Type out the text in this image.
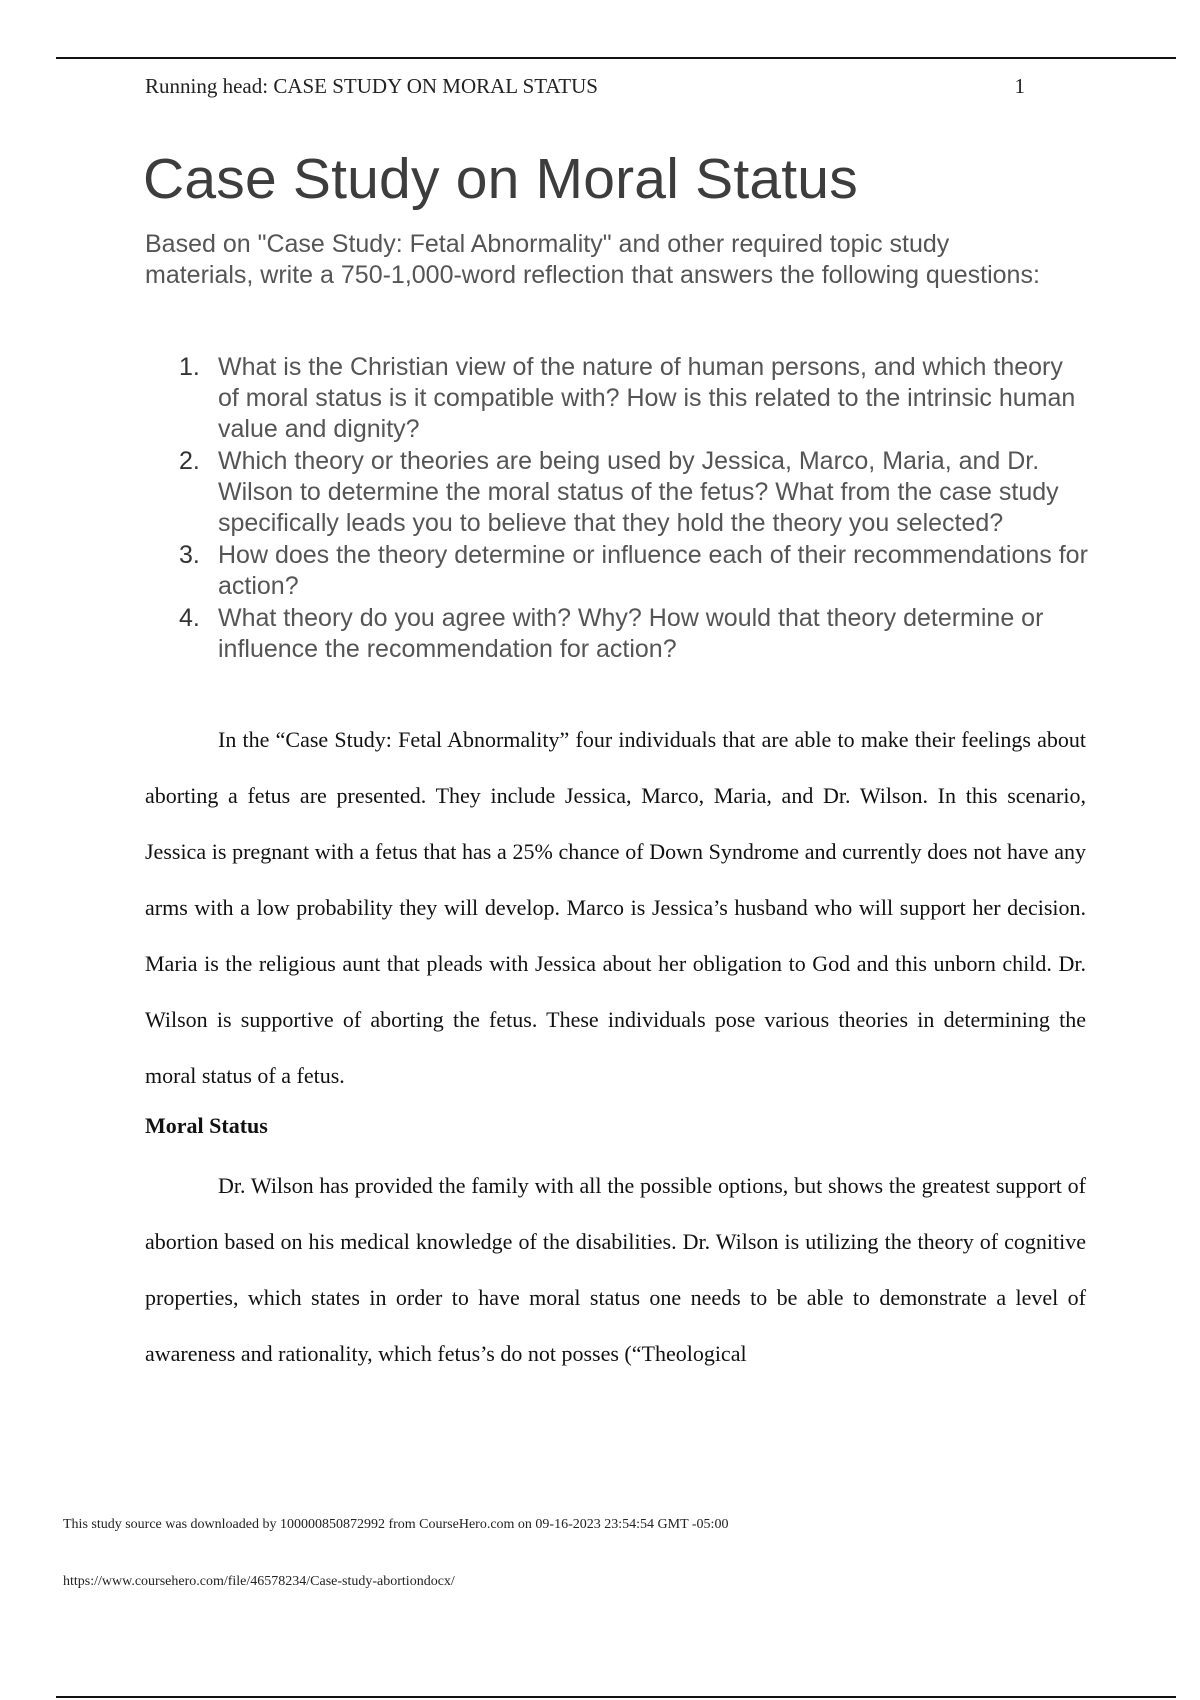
Running head: CASE STUDY ON MORAL STATUS	1
Case Study on Moral Status

Based on "Case Study: Fetal Abnormality" and other required topic study materials, write a 750-1,000-word reflection that answers the following questions:

1. What is the Christian view of the nature of human persons, and which theory of moral status is it compatible with? How is this related to the intrinsic human value and dignity?
2. Which theory or theories are being used by Jessica, Marco, Maria, and Dr. Wilson to determine the moral status of the fetus? What from the case study specifically leads you to believe that they hold the theory you selected?
3. How does the theory determine or influence each of their recommendations for action?
4. What theory do you agree with? Why? How would that theory determine or influence the recommendation for action?

In the “Case Study: Fetal Abnormality” four individuals that are able to make their feelings about aborting a fetus are presented. They include Jessica, Marco, Maria, and Dr. Wilson. In this scenario, Jessica is pregnant with a fetus that has a 25% chance of Down Syndrome and currently does not have any arms with a low probability they will develop. Marco is Jessica’s husband who will support her decision. Maria is the religious aunt that pleads with Jessica about her obligation to God and this unborn child. Dr. Wilson is supportive of aborting the fetus. These individuals pose various theories in determining the moral status of a fetus.

Moral Status

Dr. Wilson has provided the family with all the possible options, but shows the greatest support of abortion based on his medical knowledge of the disabilities. Dr. Wilson is utilizing the theory of cognitive properties, which states in order to have moral status one needs to be able to demonstrate a level of awareness and rationality, which fetus’s do not posses (“Theological

This study source was downloaded by 100000850872992 from CourseHero.com on 09-16-2023 23:54:54 GMT -05:00
https://www.coursehero.com/file/46578234/Case-study-abortiondocx/
